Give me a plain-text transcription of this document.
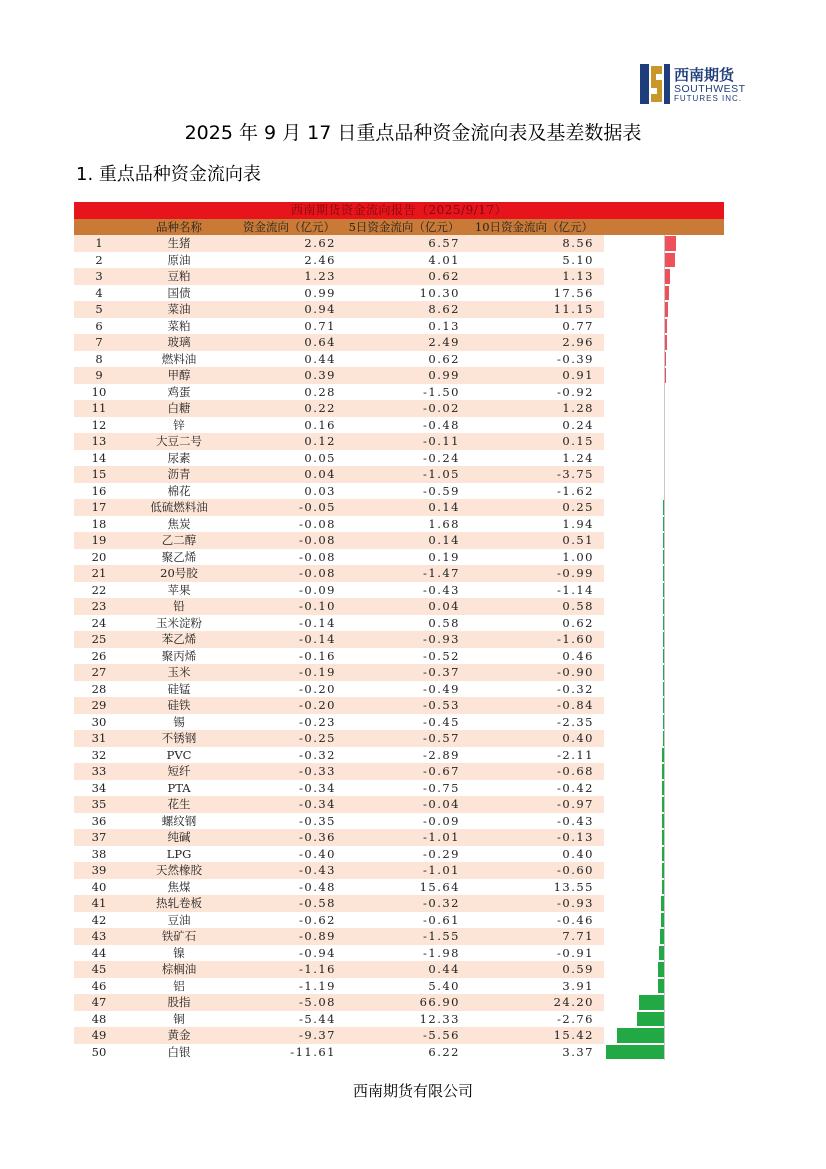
西南期货
SOUTHWEST
FUTURES INC.
2025 年 9 月 17 日重点品种资金流向表及基差数据表
1. 重点品种资金流向表
西南期货资金流向报告（2025/9/17）
品种名称	资金流向（亿元）	5日资金流向（亿元）	10日资金流向（亿元）
1	生猪	2.62	6.57	8.56
2	原油	2.46	4.01	5.10
3	豆粕	1.23	0.62	1.13
4	国债	0.99	10.30	17.56
5	菜油	0.94	8.62	11.15
6	菜粕	0.71	0.13	0.77
7	玻璃	0.64	2.49	2.96
8	燃料油	0.44	0.62	-0.39
9	甲醇	0.39	0.99	0.91
10	鸡蛋	0.28	-1.50	-0.92
11	白糖	0.22	-0.02	1.28
12	锌	0.16	-0.48	0.24
13	大豆二号	0.12	-0.11	0.15
14	尿素	0.05	-0.24	1.24
15	沥青	0.04	-1.05	-3.75
16	棉花	0.03	-0.59	-1.62
17	低硫燃料油	-0.05	0.14	0.25
18	焦炭	-0.08	1.68	1.94
19	乙二醇	-0.08	0.14	0.51
20	聚乙烯	-0.08	0.19	1.00
21	20号胶	-0.08	-1.47	-0.99
22	苹果	-0.09	-0.43	-1.14
23	铅	-0.10	0.04	0.58
24	玉米淀粉	-0.14	0.58	0.62
25	苯乙烯	-0.14	-0.93	-1.60
26	聚丙烯	-0.16	-0.52	0.46
27	玉米	-0.19	-0.37	-0.90
28	硅锰	-0.20	-0.49	-0.32
29	硅铁	-0.20	-0.53	-0.84
30	锡	-0.23	-0.45	-2.35
31	不锈钢	-0.25	-0.57	0.40
32	PVC	-0.32	-2.89	-2.11
33	短纤	-0.33	-0.67	-0.68
34	PTA	-0.34	-0.75	-0.42
35	花生	-0.34	-0.04	-0.97
36	螺纹钢	-0.35	-0.09	-0.43
37	纯碱	-0.36	-1.01	-0.13
38	LPG	-0.40	-0.29	0.40
39	天然橡胶	-0.43	-1.01	-0.60
40	焦煤	-0.48	15.64	13.55
41	热轧卷板	-0.58	-0.32	-0.93
42	豆油	-0.62	-0.61	-0.46
43	铁矿石	-0.89	-1.55	7.71
44	镍	-0.94	-1.98	-0.91
45	棕榈油	-1.16	0.44	0.59
46	铝	-1.19	5.40	3.91
47	股指	-5.08	66.90	24.20
48	铜	-5.44	12.33	-2.76
49	黄金	-9.37	-5.56	15.42
50	白银	-11.61	6.22	3.37
西南期货有限公司
